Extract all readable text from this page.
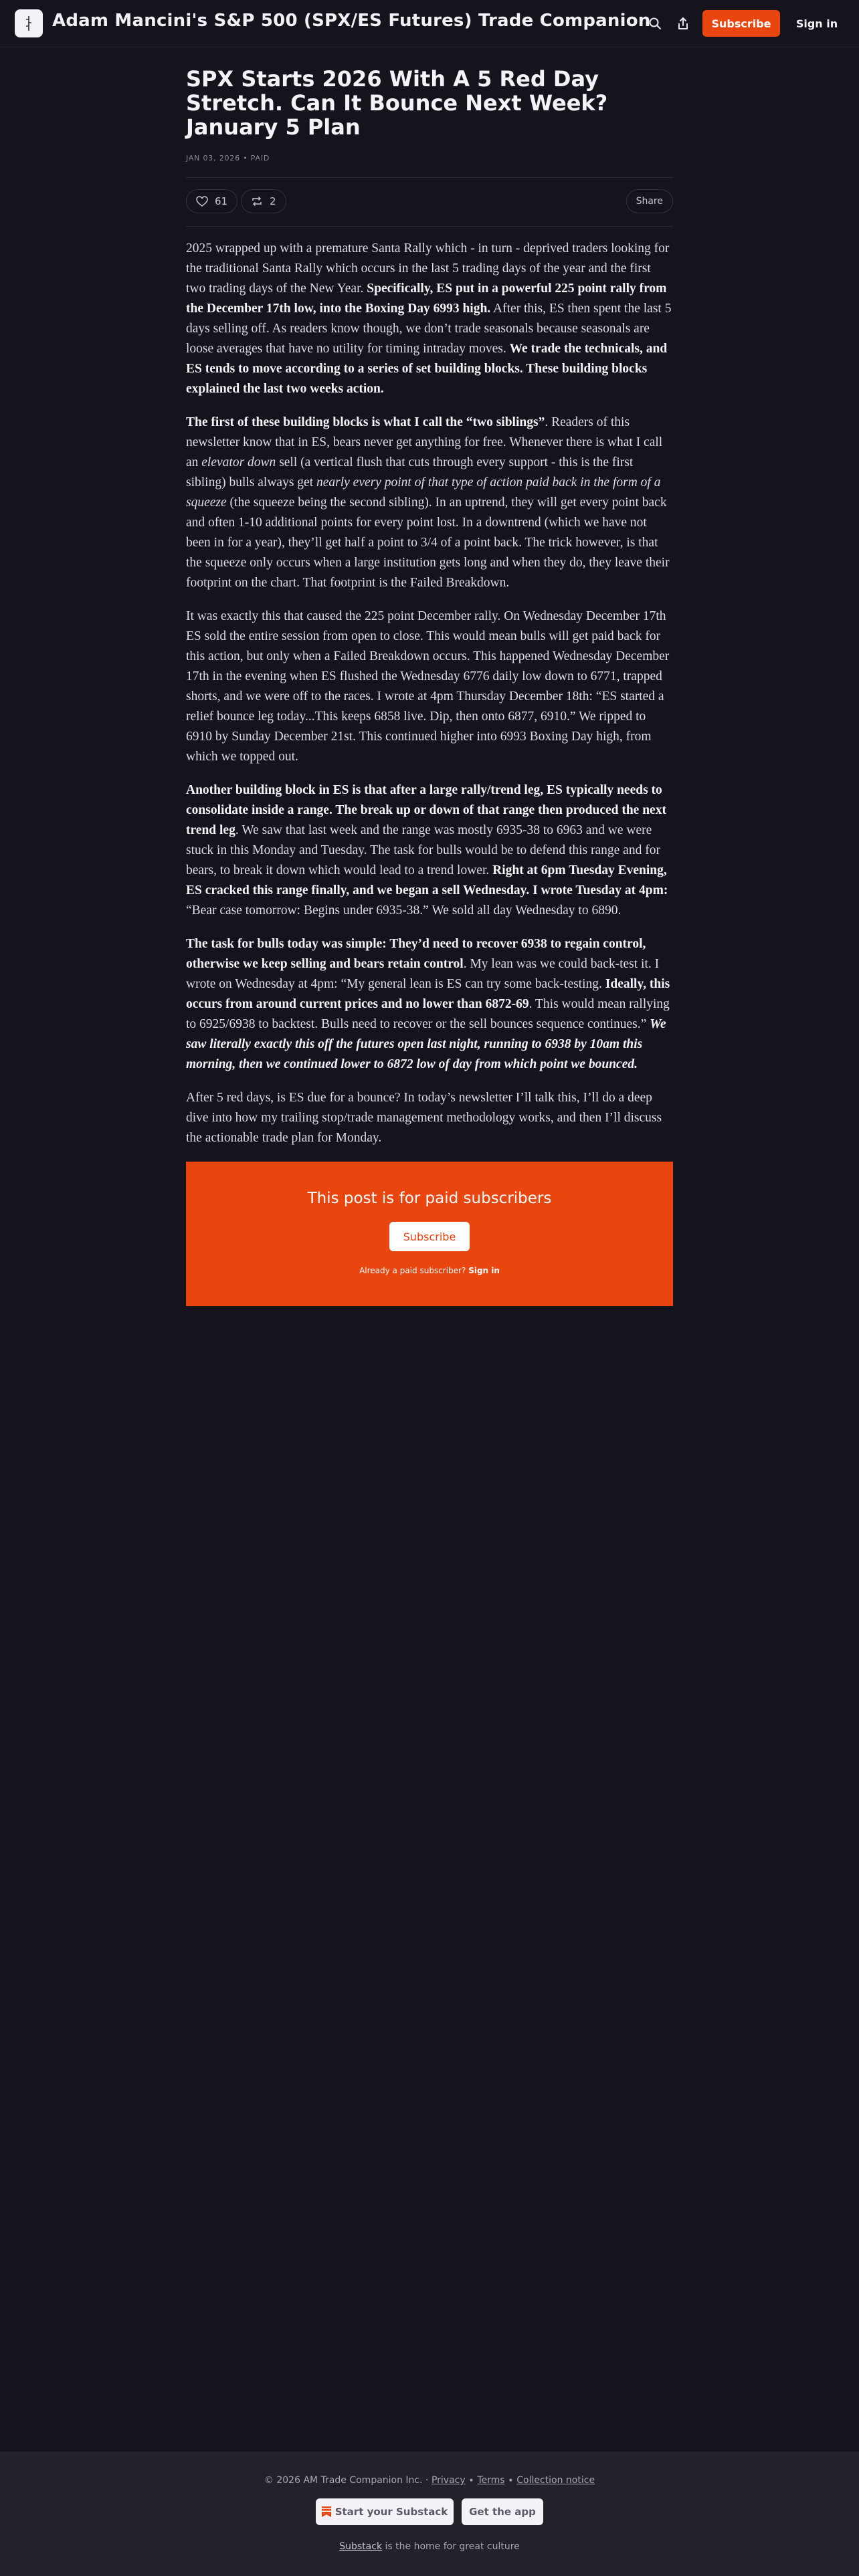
Adam Mancini's S&P 500 (SPX/ES Futures) Trade Companion	Subscribe	Sign in
SPX Starts 2026 With A 5 Red Day Stretch. Can It Bounce Next Week? January 5 Plan
JAN 03, 2026 • PAID
61	2	Share

2025 wrapped up with a premature Santa Rally which - in turn - deprived traders looking for the traditional Santa Rally which occurs in the last 5 trading days of the year and the first two trading days of the New Year. Specifically, ES put in a powerful 225 point rally from the December 17th low, into the Boxing Day 6993 high. After this, ES then spent the last 5 days selling off. As readers know though, we don’t trade seasonals because seasonals are loose averages that have no utility for timing intraday moves. We trade the technicals, and ES tends to move according to a series of set building blocks. These building blocks explained the last two weeks action.

The first of these building blocks is what I call the “two siblings”. Readers of this newsletter know that in ES, bears never get anything for free. Whenever there is what I call an elevator down sell (a vertical flush that cuts through every support - this is the first sibling) bulls always get nearly every point of that type of action paid back in the form of a squeeze (the squeeze being the second sibling). In an uptrend, they will get every point back and often 1-10 additional points for every point lost. In a downtrend (which we have not been in for a year), they’ll get half a point to 3/4 of a point back. The trick however, is that the squeeze only occurs when a large institution gets long and when they do, they leave their footprint on the chart. That footprint is the Failed Breakdown.

It was exactly this that caused the 225 point December rally. On Wednesday December 17th ES sold the entire session from open to close. This would mean bulls will get paid back for this action, but only when a Failed Breakdown occurs. This happened Wednesday December 17th in the evening when ES flushed the Wednesday 6776 daily low down to 6771, trapped shorts, and we were off to the races. I wrote at 4pm Thursday December 18th: “ES started a relief bounce leg today...This keeps 6858 live. Dip, then onto 6877, 6910.” We ripped to 6910 by Sunday December 21st. This continued higher into 6993 Boxing Day high, from which we topped out.

Another building block in ES is that after a large rally/trend leg, ES typically needs to consolidate inside a range. The break up or down of that range then produced the next trend leg. We saw that last week and the range was mostly 6935-38 to 6963 and we were stuck in this Monday and Tuesday. The task for bulls would be to defend this range and for bears, to break it down which would lead to a trend lower. Right at 6pm Tuesday Evening, ES cracked this range finally, and we began a sell Wednesday. I wrote Tuesday at 4pm: “Bear case tomorrow: Begins under 6935-38.” We sold all day Wednesday to 6890.

The task for bulls today was simple: They’d need to recover 6938 to regain control, otherwise we keep selling and bears retain control. My lean was we could back-test it. I wrote on Wednesday at 4pm: “My general lean is ES can try some back-testing. Ideally, this occurs from around current prices and no lower than 6872-69. This would mean rallying to 6925/6938 to backtest. Bulls need to recover or the sell bounces sequence continues.” We saw literally exactly this off the futures open last night, running to 6938 by 10am this morning, then we continued lower to 6872 low of day from which point we bounced.

After 5 red days, is ES due for a bounce? In today’s newsletter I’ll talk this, I’ll do a deep dive into how my trailing stop/trade management methodology works, and then I’ll discuss the actionable trade plan for Monday.

This post is for paid subscribers
Subscribe
Already a paid subscriber? Sign in
© 2026 AM Trade Companion Inc. · Privacy ∙ Terms ∙ Collection notice
Start your Substack	Get the app
Substack is the home for great culture
